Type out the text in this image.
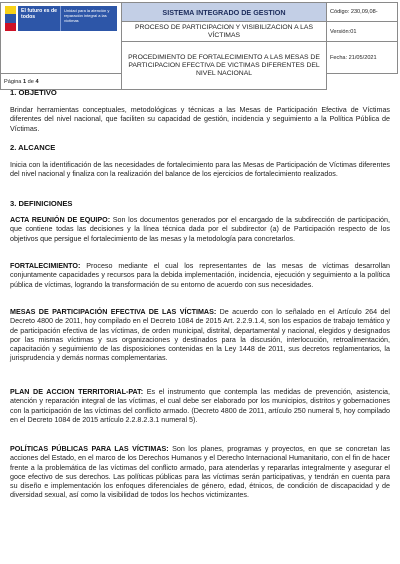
El futuro es de todos
Unidad para la atención y reparación integral a las víctimas	SISTEMA INTEGRADO DE GESTION	Código: 230,09,08-
	PROCESO DE PARTICIPACION Y VISIBILIZACION A LAS VÍCTIMAS	Versión:01
	PROCEDIMIENTO DE FORTALECIMIENTO A LAS MESAS DE PARTICIPACION EFECTIVA DE VICTIMAS DIFERENTES DEL NIVEL NACIONAL	Fecha: 21/05/2021
Página 1 de 4		

1. OBJETIVO

Brindar herramientas conceptuales, metodológicas y técnicas a las Mesas de Participación Efectiva de Víctimas diferentes del nivel nacional, que faciliten su capacidad de gestión, incidencia y seguimiento a la Política Pública de Víctimas.

2. ALCANCE

Inicia con la identificación de las necesidades de fortalecimiento para las Mesas de Participación de Víctimas diferentes del nivel nacional y finaliza con la realización del balance de los ejercicios de fortalecimiento realizados.

3. DEFINICIONES

ACTA REUNIÓN DE EQUIPO: Son los documentos generados por el encargado de la subdirección de participación, que contiene todas las decisiones y la línea técnica dada por el subdirector (a) de Participación respecto de los objetivos que persigue el fortalecimiento de las mesas y la metodología para concretarlos.

FORTALECIMIENTO: Proceso mediante el cual los representantes de las mesas de víctimas desarrollan conjuntamente capacidades y recursos para la debida implementación, incidencia, ejecución y seguimiento a la política pública de víctimas, logrando la transformación de su entorno de acuerdo con sus necesidades.

MESAS DE PARTICIPACIÓN EFECTIVA DE LAS VÍCTIMAS: De acuerdo con lo señalado en el Artículo 264 del Decreto 4800 de 2011, hoy compilado en el Decreto 1084 de 2015 Art. 2.2.9.1.4, son los espacios de trabajo temático y de participación efectiva de las víctimas, de orden municipal, distrital, departamental y nacional, elegidos y designados por las mismas víctimas y sus organizaciones y destinados para la discusión, interlocución, retroalimentación, capacitación y seguimiento de las disposiciones contenidas en la Ley 1448 de 2011, sus decretos reglamentarios, la jurisprudencia y demás normas complementarias.

PLAN DE ACCION TERRITORIAL-PAT: Es el instrumento que contempla las medidas de prevención, asistencia, atención y reparación integral de las víctimas, el cual debe ser elaborado por los municipios, distritos y gobernaciones con la participación de las víctimas del conflicto armado. (Decreto 4800 de 2011, artículo 250 numeral 5, hoy compilado en el Decreto 1084 de 2015 artículo 2.2.8.2.3.1 numeral 5).

POLÍTICAS PÚBLICAS PARA LAS VÍCTIMAS: Son los planes, programas y proyectos, en que se concretan las acciones del Estado, en el marco de los Derechos Humanos y el Derecho Internacional Humanitario, con el fin de hacer frente a la problemática de las víctimas del conflicto armado, para atenderlas y repararlas integralmente y asegurar el goce efectivo de sus derechos. Las políticas públicas para las víctimas serán participativas, y tendrán en cuenta para su diseño e implementación los enfoques diferenciales de género, edad, étnicos, de condición de discapacidad y de diversidad sexual, así como la visibilidad de todos los hechos victimizantes.
